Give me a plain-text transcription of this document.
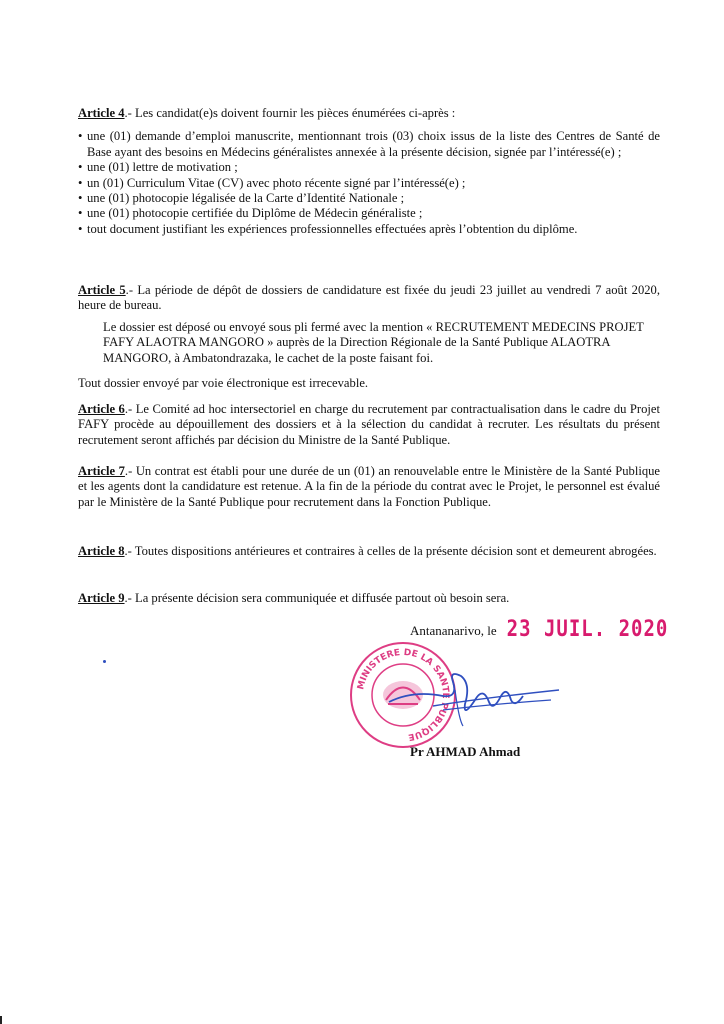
Article 4.- Les candidat(e)s doivent fournir les pièces énumérées ci-après :

• une (01) demande d’emploi manuscrite, mentionnant trois (03) choix issus de la liste des Centres de Santé de Base ayant des besoins en Médecins généralistes annexée à la présente décision, signée par l’intéressé(e) ;
• une (01) lettre de motivation ;
• un (01) Curriculum Vitae (CV) avec photo récente signé par l’intéressé(e) ;
• une (01) photocopie légalisée de la Carte d’Identité Nationale ;
• une (01) photocopie certifiée du Diplôme de Médecin généraliste ;
• tout document justifiant les expériences professionnelles effectuées après l’obtention du diplôme.

Article 5.- La période de dépôt de dossiers de candidature est fixée du jeudi 23 juillet au vendredi 7 août 2020, heure de bureau.

Le dossier est déposé ou envoyé sous pli fermé avec la mention « RECRUTEMENT MEDECINS PROJET FAFY ALAOTRA MANGORO » auprès de la Direction Régionale de la Santé Publique ALAOTRA MANGORO, à Ambatondrazaka, le cachet de la poste faisant foi.

Tout dossier envoyé par voie électronique est irrecevable.

Article 6.- Le Comité ad hoc intersectoriel en charge du recrutement par contractualisation dans le cadre du Projet FAFY procède au dépouillement des dossiers et à la sélection du candidat à recruter. Les résultats du présent recrutement seront affichés par décision du Ministre de la Santé Publique.

Article 7.- Un contrat est établi pour une durée de un (01) an renouvelable entre le Ministère de la Santé Publique et les agents dont la candidature est retenue. A la fin de la période du contrat avec le Projet, le personnel est évalué par le Ministère de la Santé Publique pour recrutement dans la Fonction Publique.

Article 8.- Toutes dispositions antérieures et contraires à celles de la présente décision sont et demeurent abrogées.

Article 9.- La présente décision sera communiquée et diffusée partout où besoin sera.

Antananarivo, le 23 JUIL. 2020
MINISTERE DE LA SANTE PUBLIQUE
Pr AHMAD Ahmad
